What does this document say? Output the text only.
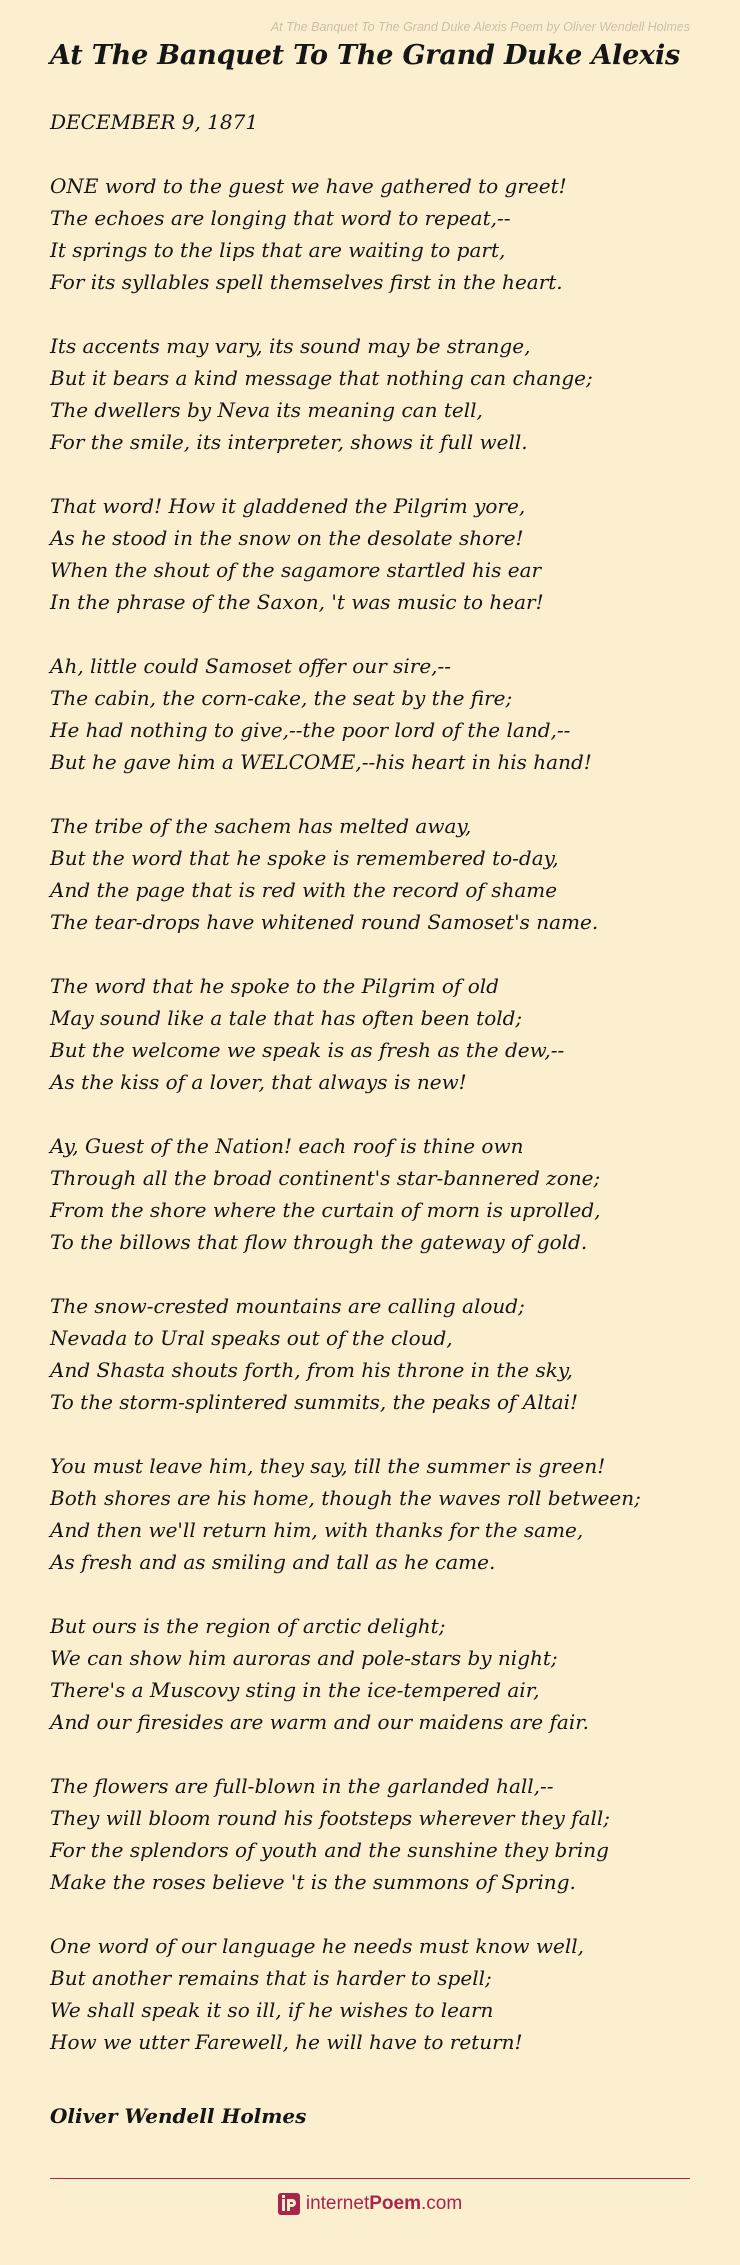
At The Banquet To The Grand Duke Alexis Poem by Oliver Wendell Holmes
At The Banquet To The Grand Duke Alexis
DECEMBER 9, 1871
ONE word to the guest we have gathered to greet!
The echoes are longing that word to repeat,--
It springs to the lips that are waiting to part,
For its syllables spell themselves first in the heart.
Its accents may vary, its sound may be strange,
But it bears a kind message that nothing can change;
The dwellers by Neva its meaning can tell,
For the smile, its interpreter, shows it full well.
That word! How it gladdened the Pilgrim yore,
As he stood in the snow on the desolate shore!
When the shout of the sagamore startled his ear
In the phrase of the Saxon, 't was music to hear!
Ah, little could Samoset offer our sire,--
The cabin, the corn-cake, the seat by the fire;
He had nothing to give,--the poor lord of the land,--
But he gave him a WELCOME,--his heart in his hand!
The tribe of the sachem has melted away,
But the word that he spoke is remembered to-day,
And the page that is red with the record of shame
The tear-drops have whitened round Samoset's name.
The word that he spoke to the Pilgrim of old
May sound like a tale that has often been told;
But the welcome we speak is as fresh as the dew,--
As the kiss of a lover, that always is new!
Ay, Guest of the Nation! each roof is thine own
Through all the broad continent's star-bannered zone;
From the shore where the curtain of morn is uprolled,
To the billows that flow through the gateway of gold.
The snow-crested mountains are calling aloud;
Nevada to Ural speaks out of the cloud,
And Shasta shouts forth, from his throne in the sky,
To the storm-splintered summits, the peaks of Altai!
You must leave him, they say, till the summer is green!
Both shores are his home, though the waves roll between;
And then we'll return him, with thanks for the same,
As fresh and as smiling and tall as he came.
But ours is the region of arctic delight;
We can show him auroras and pole-stars by night;
There's a Muscovy sting in the ice-tempered air,
And our firesides are warm and our maidens are fair.
The flowers are full-blown in the garlanded hall,--
They will bloom round his footsteps wherever they fall;
For the splendors of youth and the sunshine they bring
Make the roses believe 't is the summons of Spring.
One word of our language he needs must know well,
But another remains that is harder to spell;
We shall speak it so ill, if he wishes to learn
How we utter Farewell, he will have to return!
Oliver Wendell Holmes
internetPoem.com
